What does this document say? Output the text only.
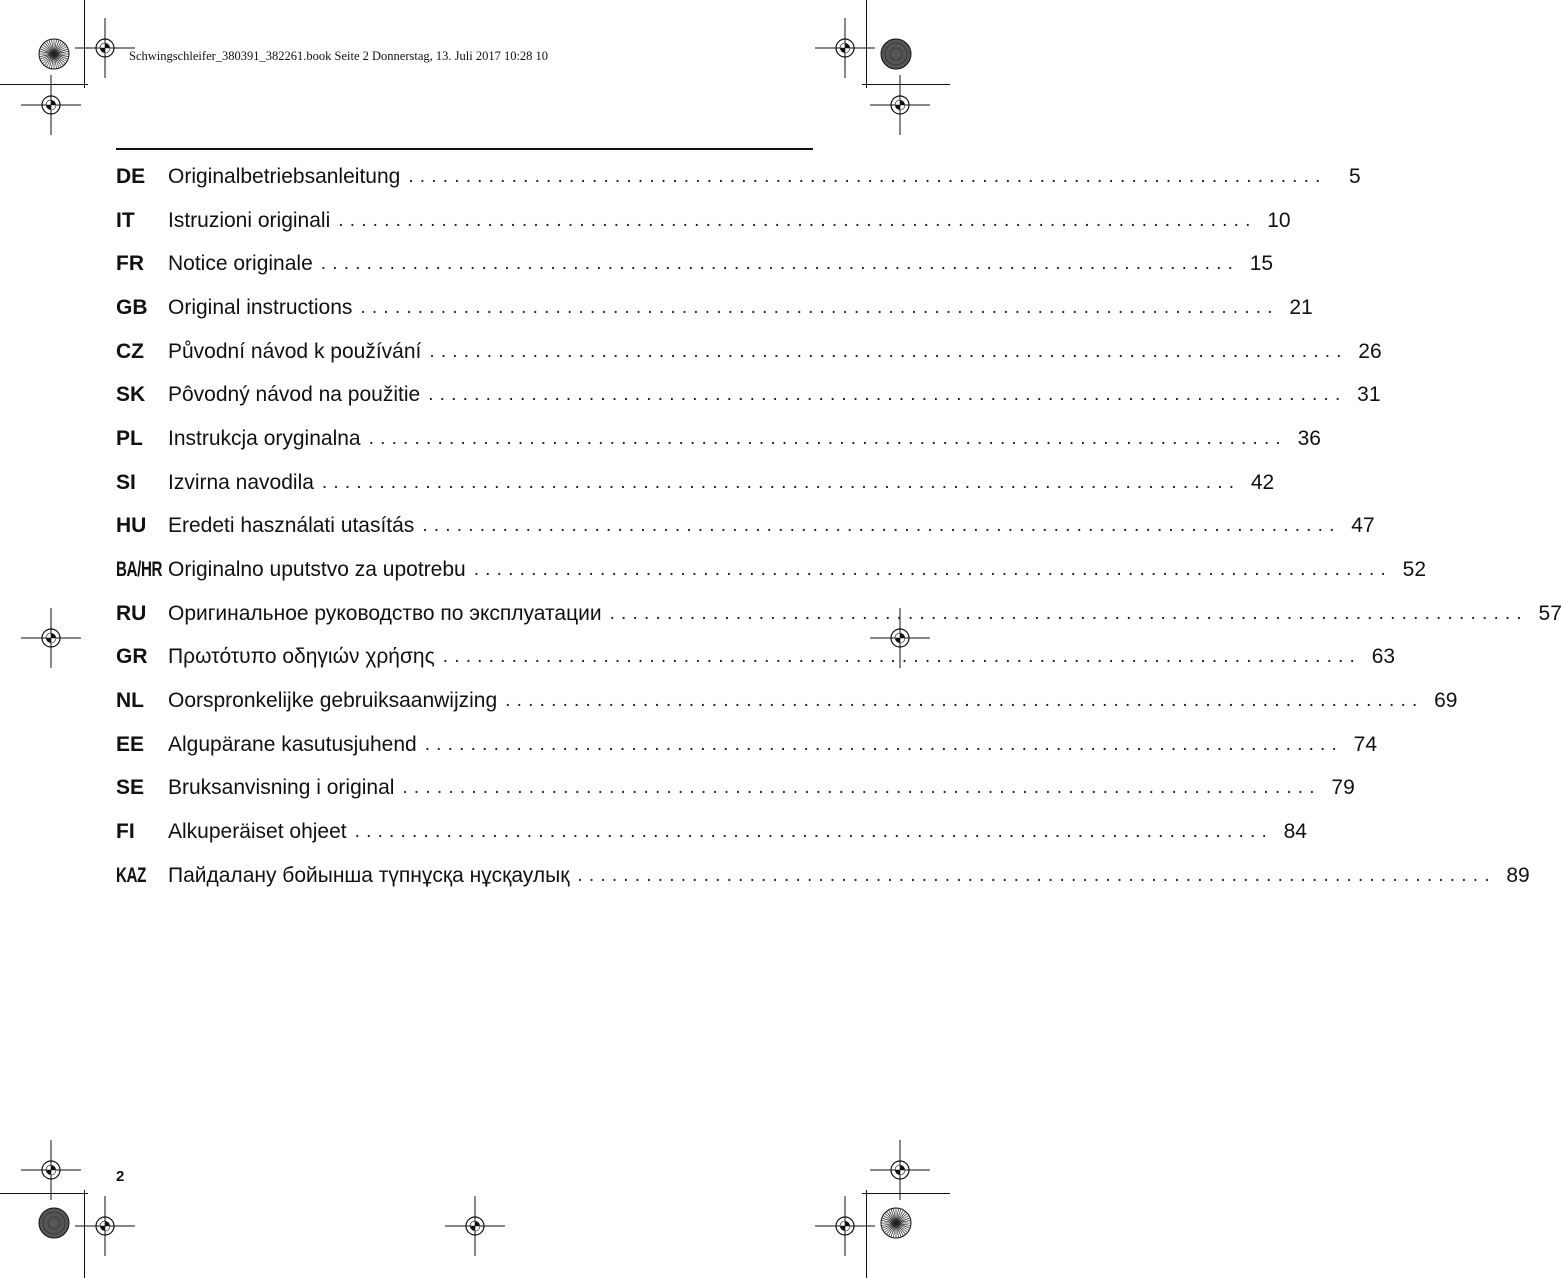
Schwingschleifer_380391_382261.book Seite 2 Donnerstag, 13. Juli 2017 10:28 10
DE	Originalbetriebsanleitung ................................................................................	5
IT	Istruzioni originali ................................................................................ 10
FR	Notice originale ................................................................................ 15
GB Original instructions ................................................................................ 21
CZ	Původní návod k používání ................................................................................ 26
SK	Pôvodný návod na použitie ................................................................................ 31
PL	Instrukcja oryginalna ................................................................................ 36
SI	Izvirna navodila ................................................................................ 42
HU	Eredeti használati utasítás ................................................................................ 47
BA/HR Originalno uputstvo za upotrebu ................................................................................ 52
RU	Оригинальное руководство по эксплуатации ................................................................................ 57
GR Πρωτότυπο οδηγιών χρήσης ................................................................................ 63
NL	Oorspronkelijke gebruiksaanwijzing ................................................................................ 69
EE	Algupärane kasutusjuhend ................................................................................ 74
SE	Bruksanvisning i original ................................................................................ 79
FI	Alkuperäiset ohjeet ................................................................................ 84
KAZ	Пайдалану бойынша түпнұсқа нұсқаулық ................................................................................ 89
2
